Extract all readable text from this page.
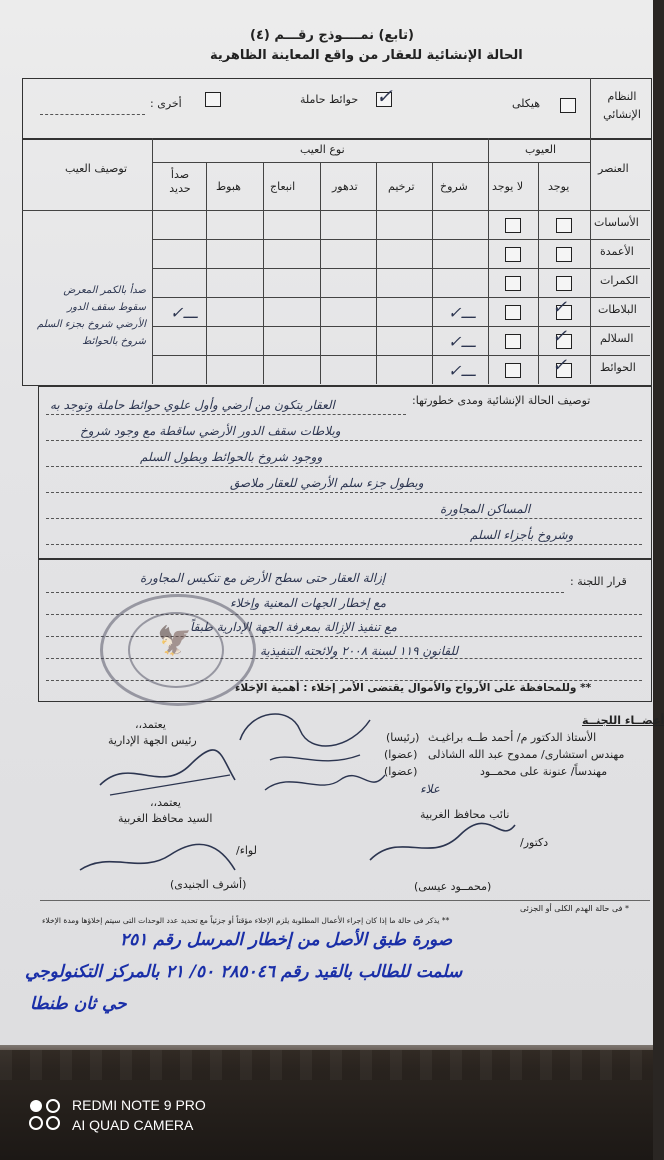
(تابع) نمــــوذج رقـــم (٤)
الحالة الإنشائية للعقار من واقع المعاينة الظاهرية
النظام الإنشائي
هيكلى
✓
حوائط حاملة
أخرى :
العنصر
العيوب
يوجد
لا يوجد
نوع العيب
توصيف العيب
شروخ
ترخيم
تدهور
انبعاج
هبوط
صدأ حديد
الأساسات
الأعمدة
الكمرات
البلاطات
السلالم
الحوائط
✓
✓
✓
ـــ✓
ـــ✓
ـــ✓
ـــ✓
صدأ بالكمر المعرض سقوط سقف الدور الأرضي شروخ بجزء السلم شروخ بالحوائط
توصيف الحالة الإنشائية ومدى خطورتها:
العقار يتكون من أرضي وأول علوي حوائط حاملة وتوجد به
وبلاطات سقف الدور الأرضي ساقطة مع وجود شروخ
ووجود شروخ بالحوائط وبطول السلم
وبطول جزء سلم الأرضي للعقار ملاصق
المساكن المجاورة
وشروخ بأجزاء السلم
قرار اللجنة :
إزالة العقار حتى سطح الأرض مع تنكيس المجاورة
مع إخطار الجهات المعنية وإخلاء
مع تنفيذ الإزالة بمعرفة الجهة الإدارية طبقاً
للقانون ١١٩ لسنة ٢٠٠٨ ولائحته التنفيذية
** وللمحافظة على الأرواح والأموال يقتضى الأمر إخلاء : أهمية الإخلاء
🦅
أعضــاء اللجنــة
الأستاذ الدكتور م/ أحمد طــه براغيـث
(رئيسا)
مهندس استشارى/ ممدوح عبد الله الشاذلى
(عضوا)
مهندساً/ عنونة على محمــود
(عضوا)
يعتمد،،
رئيس الجهة الإدارية
يعتمد،،
السيد محافظ الغربية
علاء
نائب محافظ الغربية
لواء/
(أشرف الجنيدى)
دكتور/
(محمــود عيسى)
* فى حالة الهدم الكلى أو الجزئى
** يذكر فى حالة ما إذا كان إجراء الأعمال المطلوبة يلزم الإخلاء مؤقتاً أو جزئياً مع تحديد عدد الوحدات التى سيتم إخلاؤها ومدة الإخلاء
صورة طبق الأصل من إخطار المرسل رقم ٢٥١
سلمت للطالب بالقيد رقم ٢٨٥٠٤٦ ٥٠/ ٢١ بالمركز التكنولوجي
حي ثان طنطا
REDMI NOTE 9 PRO
AI QUAD CAMERA
